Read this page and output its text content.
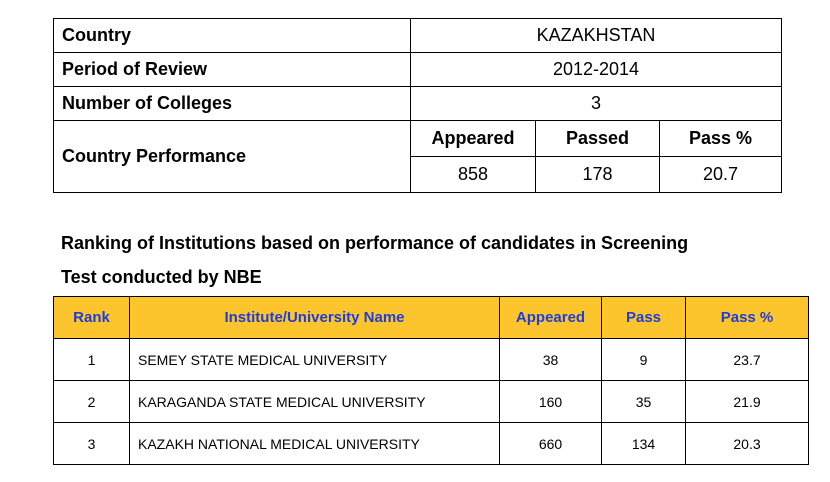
Country	KAZAKHSTAN		
Period of Review	2012-2014		
Number of Colleges	3		
Country Performance	Appeared	Passed	Pass %
	858	178	20.7
Ranking of Institutions based on performance of candidates in Screening
Test conducted by NBE
Rank	Institute/University Name	Appeared	Pass	Pass %
1	SEMEY STATE MEDICAL UNIVERSITY	38	9	23.7
2	KARAGANDA STATE MEDICAL UNIVERSITY	160	35	21.9
3	KAZAKH NATIONAL MEDICAL UNIVERSITY	660	134	20.3
